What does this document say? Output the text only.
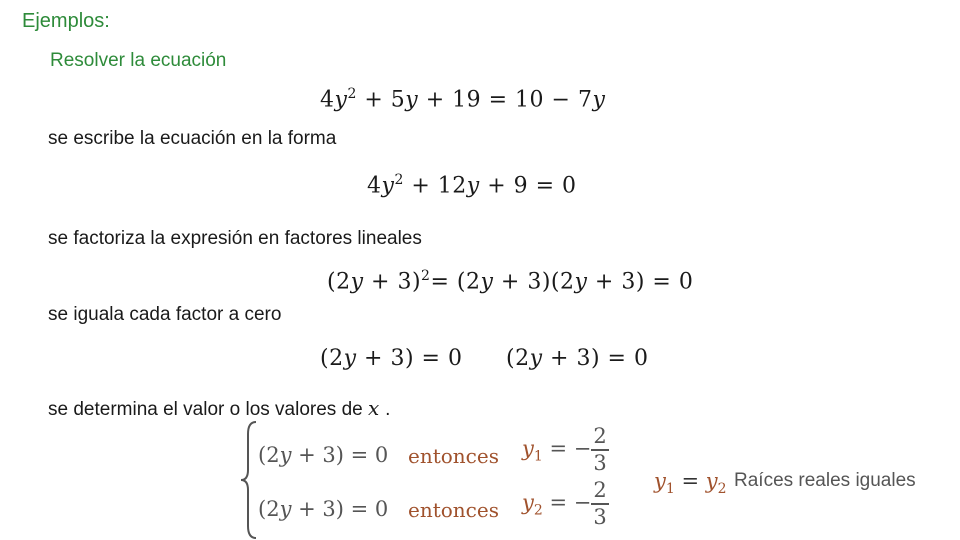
Ejemplos:
Resolver la ecuación
$4y^2 + 5y + 19 = 10 - 7y$
se escribe la ecuación en la forma
$4y^2 + 12y + 9 = 0$
se factoriza la expresión en factores lineales
$(2y + 3)^2= (2y + 3)(2y + 3) = 0$
se iguala cada factor a cero
(2y + 3) = 0 (2y + 3) = 0
se determina el valor o los valores de x .
(2y + 3) = 0 entonces $y_1$ = − $\frac{2}{3}$
(2y + 3) = 0 entonces $y_2$ = − $\frac{2}{3} y_1 = y_2$ Raíces reales iguales
